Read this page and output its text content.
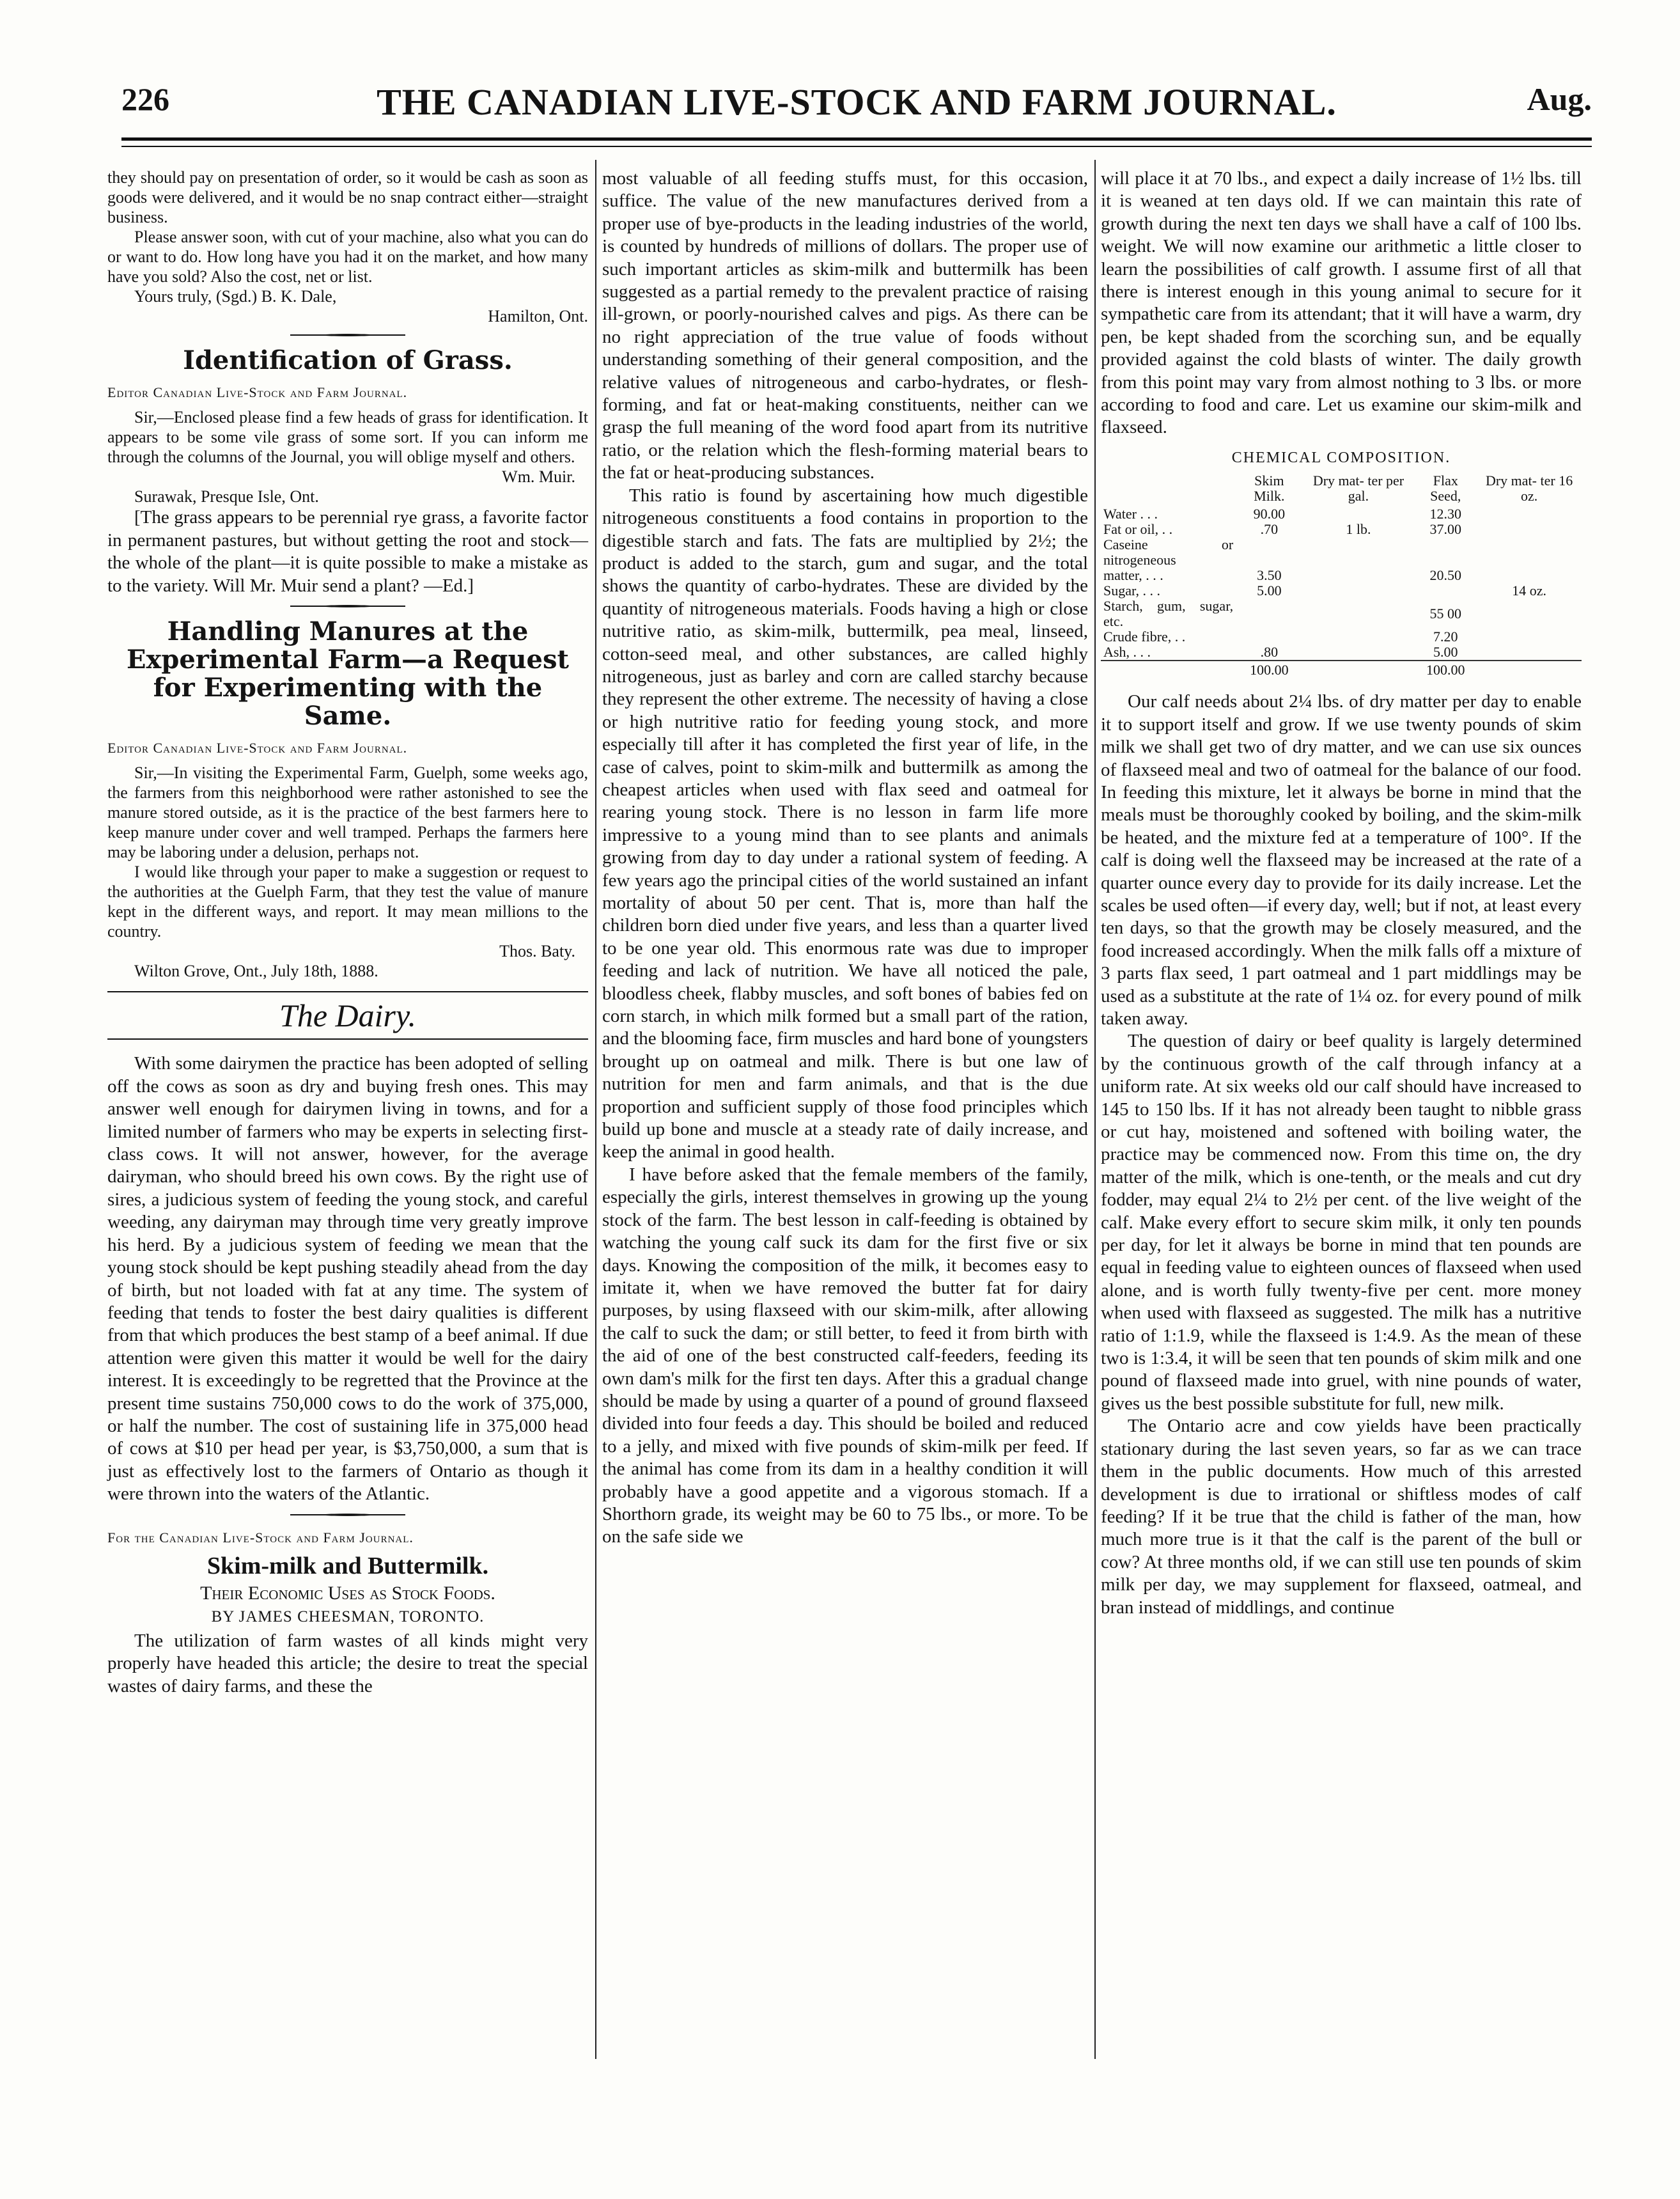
THE CANADIAN LIVE-STOCK AND FARM JOURNAL.
226	Aug.

they should pay on presentation of order, so it would be cash as soon as goods were delivered, and it would be no snap contract either—straight business.

Please answer soon, with cut of your machine, also what you can do or want to do. How long have you had it on the market, and how many have you sold? Also the cost, net or list.

Yours truly, (Sgd.) B. K. Dale,

Hamilton, Ont.

Identification of Grass.
Editor Canadian Live-Stock and Farm Journal.

Sir,—Enclosed please find a few heads of grass for identification. It appears to be some vile grass of some sort. If you can inform me through the columns of the Journal, you will oblige myself and others.

Wm. Muir.

Surawak, Presque Isle, Ont.

[The grass appears to be perennial rye grass, a favorite factor in permanent pastures, but without getting the root and stock—the whole of the plant—it is quite possible to make a mistake as to the variety. Will Mr. Muir send a plant? —Ed.]

Handling Manures at the Experimental Farm—a Request for Experimenting with the Same.
Editor Canadian Live-Stock and Farm Journal.

Sir,—In visiting the Experimental Farm, Guelph, some weeks ago, the farmers from this neighborhood were rather astonished to see the manure stored outside, as it is the practice of the best farmers here to keep manure under cover and well tramped. Perhaps the farmers here may be laboring under a delusion, perhaps not.

I would like through your paper to make a suggestion or request to the authorities at the Guelph Farm, that they test the value of manure kept in the different ways, and report. It may mean millions to the country.

Thos. Baty.

Wilton Grove, Ont., July 18th, 1888.

The Dairy.

With some dairymen the practice has been adopted of selling off the cows as soon as dry and buying fresh ones. This may answer well enough for dairymen living in towns, and for a limited number of farmers who may be experts in selecting first-class cows. It will not answer, however, for the average dairyman, who should breed his own cows. By the right use of sires, a judicious system of feeding the young stock, and careful weeding, any dairyman may through time very greatly improve his herd. By a judicious system of feeding we mean that the young stock should be kept pushing steadily ahead from the day of birth, but not loaded with fat at any time. The system of feeding that tends to foster the best dairy qualities is different from that which produces the best stamp of a beef animal. If due attention were given this matter it would be well for the dairy interest. It is exceedingly to be regretted that the Province at the present time sustains 750,000 cows to do the work of 375,000, or half the number. The cost of sustaining life in 375,000 head of cows at $10 per head per year, is $3,750,000, a sum that is just as effectively lost to the farmers of Ontario as though it were thrown into the waters of the Atlantic.

For the Canadian Live-Stock and Farm Journal.
Skim-milk and Buttermilk.
Their Economic Uses as Stock Foods.
BY JAMES CHEESMAN, TORONTO.

The utilization of farm wastes of all kinds might very properly have headed this article; the desire to treat the special wastes of dairy farms, and these the

most valuable of all feeding stuffs must, for this occasion, suffice. The value of the new manufactures derived from a proper use of bye-products in the leading industries of the world, is counted by hundreds of millions of dollars. The proper use of such important articles as skim-milk and buttermilk has been suggested as a partial remedy to the prevalent practice of raising ill-grown, or poorly-nourished calves and pigs. As there can be no right appreciation of the true value of foods without understanding something of their general composition, and the relative values of nitrogeneous and carbo-hydrates, or flesh-forming, and fat or heat-making constituents, neither can we grasp the full meaning of the word food apart from its nutritive ratio, or the relation which the flesh-forming material bears to the fat or heat-producing substances.

This ratio is found by ascertaining how much digestible nitrogeneous constituents a food contains in proportion to the digestible starch and fats. The fats are multiplied by 2½; the product is added to the starch, gum and sugar, and the total shows the quantity of carbo-hydrates. These are divided by the quantity of nitrogeneous materials. Foods having a high or close nutritive ratio, as skim-milk, buttermilk, pea meal, linseed, cotton-seed meal, and other substances, are called highly nitrogeneous, just as barley and corn are called starchy because they represent the other extreme. The necessity of having a close or high nutritive ratio for feeding young stock, and more especially till after it has completed the first year of life, in the case of calves, point to skim-milk and buttermilk as among the cheapest articles when used with flax seed and oatmeal for rearing young stock. There is no lesson in farm life more impressive to a young mind than to see plants and animals growing from day to day under a rational system of feeding. A few years ago the principal cities of the world sustained an infant mortality of about 50 per cent. That is, more than half the children born died under five years, and less than a quarter lived to be one year old. This enormous rate was due to improper feeding and lack of nutrition. We have all noticed the pale, bloodless cheek, flabby muscles, and soft bones of babies fed on corn starch, in which milk formed but a small part of the ration, and the blooming face, firm muscles and hard bone of youngsters brought up on oatmeal and milk. There is but one law of nutrition for men and farm animals, and that is the due proportion and sufficient supply of those food principles which build up bone and muscle at a steady rate of daily increase, and keep the animal in good health.

I have before asked that the female members of the family, especially the girls, interest themselves in growing up the young stock of the farm. The best lesson in calf-feeding is obtained by watching the young calf suck its dam for the first five or six days. Knowing the composition of the milk, it becomes easy to imitate it, when we have removed the butter fat for dairy purposes, by using flaxseed with our skim-milk, after allowing the calf to suck the dam; or still better, to feed it from birth with the aid of one of the best constructed calf-feeders, feeding its own dam's milk for the first ten days. After this a gradual change should be made by using a quarter of a pound of ground flaxseed divided into four feeds a day. This should be boiled and reduced to a jelly, and mixed with five pounds of skim-milk per feed. If the animal has come from its dam in a healthy condition it will probably have a good appetite and a vigorous stomach. If a Shorthorn grade, its weight may be 60 to 75 lbs., or more. To be on the safe side we

will place it at 70 lbs., and expect a daily increase of 1½ lbs. till it is weaned at ten days old. If we can maintain this rate of growth during the next ten days we shall have a calf of 100 lbs. weight. We will now examine our arithmetic a little closer to learn the possibilities of calf growth. I assume first of all that there is interest enough in this young animal to secure for it sympathetic care from its attendant; that it will have a warm, dry pen, be kept shaded from the scorching sun, and be equally provided against the cold blasts of winter. The daily growth from this point may vary from almost nothing to 3 lbs. or more according to food and care. Let us examine our skim-milk and flaxseed.

CHEMICAL COMPOSITION.
	Skim Milk.	Dry mat- ter per gal.	Flax Seed,	Dry mat- ter 16 oz.
Water . . .	90.00		12.30	
Fat or oil, . .	.70	1 lb.	37.00	
Caseine or nitrogeneous				
matter, . . .	3.50		20.50	
Sugar, . . .	5.00			14 oz.
Starch, gum, sugar, etc.			55 00	
Crude fibre, . .			7.20	
Ash, . . .	.80		5.00	
	100.00		100.00	

Our calf needs about 2¼ lbs. of dry matter per day to enable it to support itself and grow. If we use twenty pounds of skim milk we shall get two of dry matter, and we can use six ounces of flaxseed meal and two of oatmeal for the balance of our food. In feeding this mixture, let it always be borne in mind that the meals must be thoroughly cooked by boiling, and the skim-milk be heated, and the mixture fed at a temperature of 100°. If the calf is doing well the flaxseed may be increased at the rate of a quarter ounce every day to provide for its daily increase. Let the scales be used often—if every day, well; but if not, at least every ten days, so that the growth may be closely measured, and the food increased accordingly. When the milk falls off a mixture of 3 parts flax seed, 1 part oatmeal and 1 part middlings may be used as a substitute at the rate of 1¼ oz. for every pound of milk taken away.

The question of dairy or beef quality is largely determined by the continuous growth of the calf through infancy at a uniform rate. At six weeks old our calf should have increased to 145 to 150 lbs. If it has not already been taught to nibble grass or cut hay, moistened and softened with boiling water, the practice may be commenced now. From this time on, the dry matter of the milk, which is one-tenth, or the meals and cut dry fodder, may equal 2¼ to 2½ per cent. of the live weight of the calf. Make every effort to secure skim milk, it only ten pounds per day, for let it always be borne in mind that ten pounds are equal in feeding value to eighteen ounces of flaxseed when used alone, and is worth fully twenty-five per cent. more money when used with flaxseed as suggested. The milk has a nutritive ratio of 1:1.9, while the flaxseed is 1:4.9. As the mean of these two is 1:3.4, it will be seen that ten pounds of skim milk and one pound of flaxseed made into gruel, with nine pounds of water, gives us the best possible substitute for full, new milk.

The Ontario acre and cow yields have been practically stationary during the last seven years, so far as we can trace them in the public documents. How much of this arrested development is due to irrational or shiftless modes of calf feeding? If it be true that the child is father of the man, how much more true is it that the calf is the parent of the bull or cow? At three months old, if we can still use ten pounds of skim milk per day, we may supplement for flaxseed, oatmeal, and bran instead of middlings, and continue
